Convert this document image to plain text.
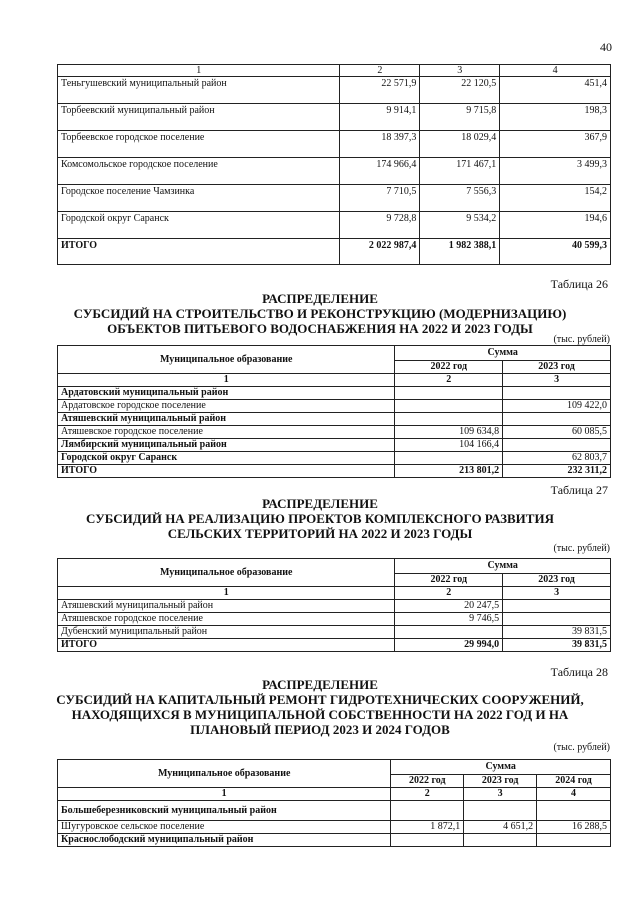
40
1	2	3	4
Теньгушевский муниципальный район	22 571,9	22 120,5	451,4
Торбеевский муниципальный район	9 914,1	9 715,8	198,3
Торбеевское городское поселение	18 397,3	18 029,4	367,9
Комсомольское городское поселение	174 966,4	171 467,1	3 499,3
Городское поселение Чамзинка	7 710,5	7 556,3	154,2
Городской округ Саранск	9 728,8	9 534,2	194,6
ИТОГО	2 022 987,4	1 982 388,1	40 599,3
Таблица 26
РАСПРЕДЕЛЕНИЕ
СУБСИДИЙ НА СТРОИТЕЛЬСТВО И РЕКОНСТРУКЦИЮ (МОДЕРНИЗАЦИЮ)
ОБЪЕКТОВ ПИТЬЕВОГО ВОДОСНАБЖЕНИЯ НА 2022 И 2023 ГОДЫ
(тыс. рублей)
Муниципальное образование	Сумма	
	2022 год	2023 год
1	2	3
Ардатовский муниципальный район		
Ардатовское городское поселение		109 422,0
Атяшевский муниципальный район		
Атяшевское городское поселение	109 634,8	60 085,5
Лямбирский муниципальный район	104 166,4	
Городской округ Саранск		62 803,7
ИТОГО	213 801,2	232 311,2
Таблица 27
РАСПРЕДЕЛЕНИЕ
СУБСИДИЙ НА РЕАЛИЗАЦИЮ ПРОЕКТОВ КОМПЛЕКСНОГО РАЗВИТИЯ
СЕЛЬСКИХ ТЕРРИТОРИЙ НА 2022 И 2023 ГОДЫ
(тыс. рублей)
Муниципальное образование	Сумма	
	2022 год	2023 год
1	2	3
Атяшевский муниципальный район	20 247,5	
Атяшевское городское поселение	9 746,5	
Дубенский муниципальный район		39 831,5
ИТОГО	29 994,0	39 831,5
Таблица 28
РАСПРЕДЕЛЕНИЕ
СУБСИДИЙ НА КАПИТАЛЬНЫЙ РЕМОНТ ГИДРОТЕХНИЧЕСКИХ СООРУЖЕНИЙ,
НАХОДЯЩИХСЯ В МУНИЦИПАЛЬНОЙ СОБСТВЕННОСТИ НА 2022 ГОД И НА
ПЛАНОВЫЙ ПЕРИОД 2023 И 2024 ГОДОВ
(тыс. рублей)
Муниципальное образование	Сумма		
	2022 год	2023 год	2024 год
1	2	3	4
Большеберезниковский муниципальный район			
Шугуровское сельское поселение	1 872,1	4 651,2	16 288,5
Краснослободский муниципальный район			
